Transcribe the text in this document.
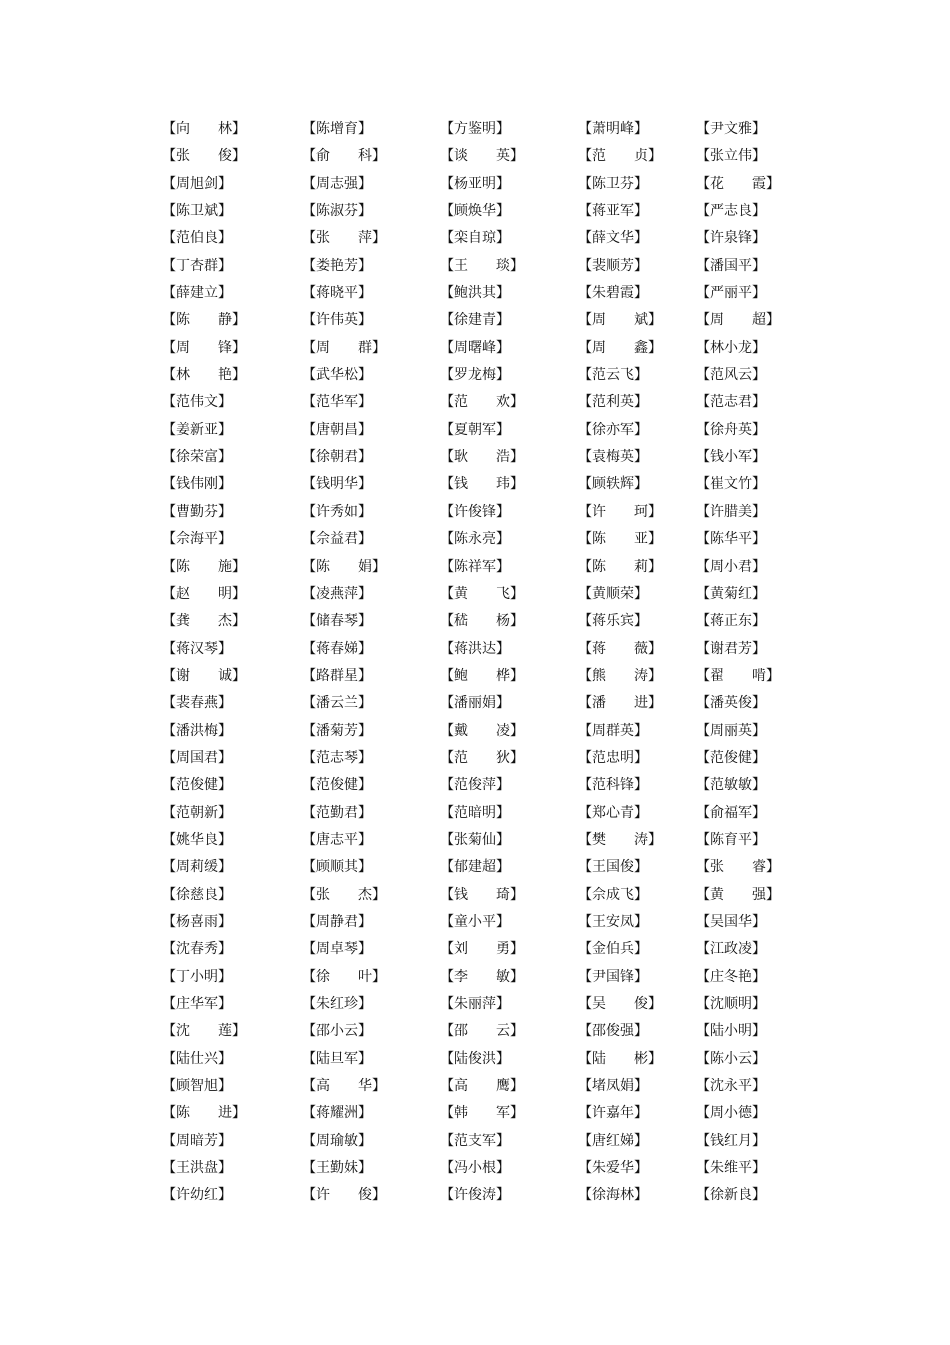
【向 林】	【陈增育】	【方鉴明】	【萧明峰】	【尹文雅】
【张 俊】	【俞 科】	【谈 英】	【范 贞】	【张立伟】
【周旭剑】	【周志强】	【杨亚明】	【陈卫芬】	【花 霞】
【陈卫斌】	【陈淑芬】	【顾焕华】	【蒋亚军】	【严志良】
【范伯良】	【张 萍】	【栾自琼】	【薛文华】	【许泉锋】
【丁杏群】	【娄艳芳】	【王 琰】	【裴顺芳】	【潘国平】
【薛建立】	【蒋晓平】	【鲍洪其】	【朱碧霞】	【严丽平】
【陈 静】	【许伟英】	【徐建青】	【周 斌】	【周 超】
【周 锋】	【周 群】	【周曙峰】	【周 鑫】	【林小龙】
【林 艳】	【武华松】	【罗龙梅】	【范云飞】	【范风云】
【范伟文】	【范华军】	【范 欢】	【范利英】	【范志君】
【姜新亚】	【唐朝昌】	【夏朝军】	【徐亦军】	【徐舟英】
【徐荣富】	【徐朝君】	【耿 浩】	【袁梅英】	【钱小军】
【钱伟刚】	【钱明华】	【钱 玮】	【顾轶辉】	【崔文竹】
【曹勤芬】	【许秀如】	【许俊锋】	【许 珂】	【许腊美】
【佘海平】	【佘益君】	【陈永亮】	【陈 亚】	【陈华平】
【陈 施】	【陈 娟】	【陈祥军】	【陈 莉】	【周小君】
【赵 明】	【凌燕萍】	【黄 飞】	【黄顺荣】	【黄菊红】
【龚 杰】	【储春琴】	【嵇 杨】	【蒋乐宾】	【蒋正东】
【蒋汉琴】	【蒋春娣】	【蒋洪达】	【蒋 薇】	【谢君芳】
【谢 诚】	【路群星】	【鲍 桦】	【熊 涛】	【翟 啃】
【裴春燕】	【潘云兰】	【潘丽娟】	【潘 进】	【潘英俊】
【潘洪梅】	【潘菊芳】	【戴 凌】	【周群英】	【周丽英】
【周国君】	【范志琴】	【范 狄】	【范忠明】	【范俊健】
【范俊健】	【范俊健】	【范俊萍】	【范科锋】	【范敏敏】
【范朝新】	【范勤君】	【范暗明】	【郑心青】	【俞福军】
【姚华良】	【唐志平】	【张菊仙】	【樊 涛】	【陈育平】
【周莉缓】	【顾顺其】	【郁建超】	【王国俊】	【张 睿】
【徐慈良】	【张 杰】	【钱 琦】	【佘成飞】	【黄 强】
【杨喜雨】	【周静君】	【童小平】	【王安凤】	【吴国华】
【沈春秀】	【周卓琴】	【刘 勇】	【金伯兵】	【江政凌】
【丁小明】	【徐 叶】	【李 敏】	【尹国锋】	【庄冬艳】
【庄华军】	【朱红珍】	【朱丽萍】	【吴 俊】	【沈顺明】
【沈 莲】	【邵小云】	【邵 云】	【邵俊强】	【陆小明】
【陆仕兴】	【陆旦军】	【陆俊洪】	【陆 彬】	【陈小云】
【顾智旭】	【高 华】	【高 鹰】	【堵凤娟】	【沈永平】
【陈 进】	【蒋耀洲】	【韩 军】	【许嘉年】	【周小德】
【周暗芳】	【周瑜敏】	【范支军】	【唐红娣】	【钱红月】
【王洪盘】	【王勤妹】	【冯小根】	【朱爱华】	【朱维平】
【许幼红】	【许 俊】	【许俊涛】	【徐海林】	【徐新良】
